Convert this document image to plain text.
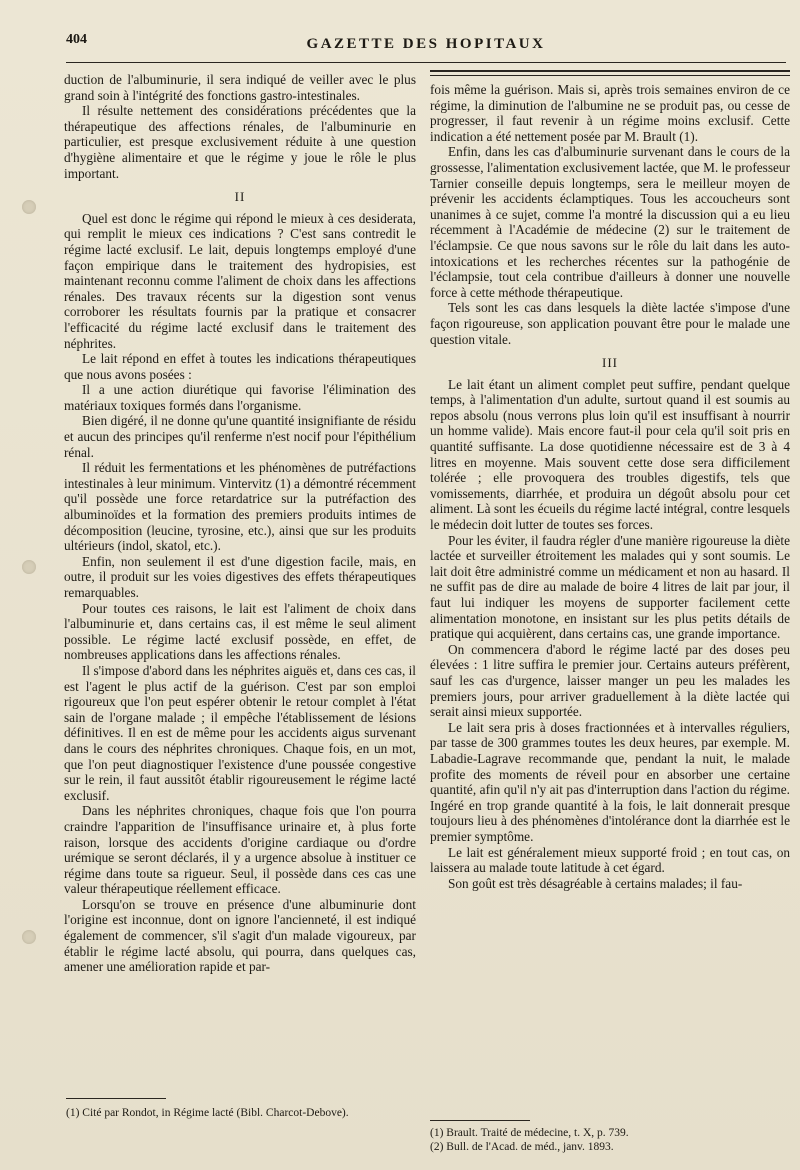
404	GAZETTE DES HOPITAUX

duction de l'albuminurie, il sera indiqué de veiller avec le plus grand soin à l'intégrité des fonctions gastro-intestinales.

Il résulte nettement des considérations précédentes que la thérapeutique des affections rénales, de l'albuminurie en particulier, est presque exclusivement réduite à une question d'hygiène alimentaire et que le régime y joue le rôle le plus important.

II

Quel est donc le régime qui répond le mieux à ces desiderata, qui remplit le mieux ces indications ? C'est sans contredit le régime lacté exclusif. Le lait, depuis longtemps employé d'une façon empirique dans le traitement des hydropisies, est maintenant reconnu comme l'aliment de choix dans les affections rénales. Des travaux récents sur la digestion sont venus corroborer les résultats fournis par la pratique et consacrer l'efficacité du régime lacté exclusif dans le traitement des néphrites.

Le lait répond en effet à toutes les indications thérapeutiques que nous avons posées :

Il a une action diurétique qui favorise l'élimination des matériaux toxiques formés dans l'organisme.

Bien digéré, il ne donne qu'une quantité insignifiante de résidu et aucun des principes qu'il renferme n'est nocif pour l'épithélium rénal.

Il réduit les fermentations et les phénomènes de putréfactions intestinales à leur minimum. Vintervitz (1) a démontré récemment qu'il possède une force retardatrice sur la putréfaction des albuminoïdes et la formation des premiers produits intimes de décomposition (leucine, tyrosine, etc.), ainsi que sur les produits ultérieurs (indol, skatol, etc.).

Enfin, non seulement il est d'une digestion facile, mais, en outre, il produit sur les voies digestives des effets thérapeutiques remarquables.

Pour toutes ces raisons, le lait est l'aliment de choix dans l'albuminurie et, dans certains cas, il est même le seul aliment possible. Le régime lacté exclusif possède, en effet, de nombreuses applications dans les affections rénales.

Il s'impose d'abord dans les néphrites aiguës et, dans ces cas, il est l'agent le plus actif de la guérison. C'est par son emploi rigoureux que l'on peut espérer obtenir le retour complet à l'état sain de l'organe malade ; il empêche l'établissement de lésions définitives. Il en est de même pour les accidents aigus survenant dans le cours des néphrites chroniques. Chaque fois, en un mot, que l'on peut diagnostiquer l'existence d'une poussée congestive sur le rein, il faut aussitôt établir rigoureusement le régime lacté exclusif.

Dans les néphrites chroniques, chaque fois que l'on pourra craindre l'apparition de l'insuffisance urinaire et, à plus forte raison, lorsque des accidents d'origine cardiaque ou d'ordre urémique se seront déclarés, il y a urgence absolue à instituer ce régime dans toute sa rigueur. Seul, il possède dans ces cas une valeur thérapeutique réellement efficace.

Lorsqu'on se trouve en présence d'une albuminurie dont l'origine est inconnue, dont on ignore l'ancienneté, il est indiqué également de commencer, s'il s'agit d'un malade vigoureux, par établir le régime lacté absolu, qui pourra, dans quelques cas, amener une amélioration rapide et par-

(1) Cité par Rondot, in Régime lacté (Bibl. Charcot-Debove).

fois même la guérison. Mais si, après trois semaines environ de ce régime, la diminution de l'albumine ne se produit pas, ou cesse de progresser, il faut revenir à un régime moins exclusif. Cette indication a été nettement posée par M. Brault (1).

Enfin, dans les cas d'albuminurie survenant dans le cours de la grossesse, l'alimentation exclusivement lactée, que M. le professeur Tarnier conseille depuis longtemps, sera le meilleur moyen de prévenir les accidents éclamptiques. Tous les accoucheurs sont unanimes à ce sujet, comme l'a montré la discussion qui a eu lieu récemment à l'Académie de médecine (2) sur le traitement de l'éclampsie. Ce que nous savons sur le rôle du lait dans les auto-intoxications et les recherches récentes sur la pathogénie de l'éclampsie, tout cela contribue d'ailleurs à donner une nouvelle force à cette méthode thérapeutique.

Tels sont les cas dans lesquels la diète lactée s'impose d'une façon rigoureuse, son application pouvant être pour le malade une question vitale.

III

Le lait étant un aliment complet peut suffire, pendant quelque temps, à l'alimentation d'un adulte, surtout quand il est soumis au repos absolu (nous verrons plus loin qu'il est insuffisant à nourrir un homme valide). Mais encore faut-il pour cela qu'il soit pris en quantité suffisante. La dose quotidienne nécessaire est de 3 à 4 litres en moyenne. Mais souvent cette dose sera difficilement tolérée ; elle provoquera des troubles digestifs, tels que vomissements, diarrhée, et produira un dégoût absolu pour cet aliment. Là sont les écueils du régime lacté intégral, contre lesquels le médecin doit lutter de toutes ses forces.

Pour les éviter, il faudra régler d'une manière rigoureuse la diète lactée et surveiller étroitement les malades qui y sont soumis. Le lait doit être administré comme un médicament et non au hasard. Il ne suffit pas de dire au malade de boire 4 litres de lait par jour, il faut lui indiquer les moyens de supporter facilement cette alimentation monotone, en insistant sur les plus petits détails de pratique qui acquièrent, dans certains cas, une grande importance.

On commencera d'abord le régime lacté par des doses peu élevées : 1 litre suffira le premier jour. Certains auteurs préfèrent, sauf les cas d'urgence, laisser manger un peu les malades les premiers jours, pour arriver graduellement à la diète lactée qui serait ainsi mieux supportée.

Le lait sera pris à doses fractionnées et à intervalles réguliers, par tasse de 300 grammes toutes les deux heures, par exemple. M. Labadie-Lagrave recommande que, pendant la nuit, le malade profite des moments de réveil pour en absorber une certaine quantité, afin qu'il n'y ait pas d'interruption dans l'action du régime. Ingéré en trop grande quantité à la fois, le lait donnerait presque toujours lieu à des phénomènes d'intolérance dont la diarrhée est le premier symptôme.

Le lait est généralement mieux supporté froid ; en tout cas, on laissera au malade toute latitude à cet égard.

Son goût est très désagréable à certains malades; il fau-

(1) Brault. Traité de médecine, t. X, p. 739.
(2) Bull. de l'Acad. de méd., janv. 1893.
